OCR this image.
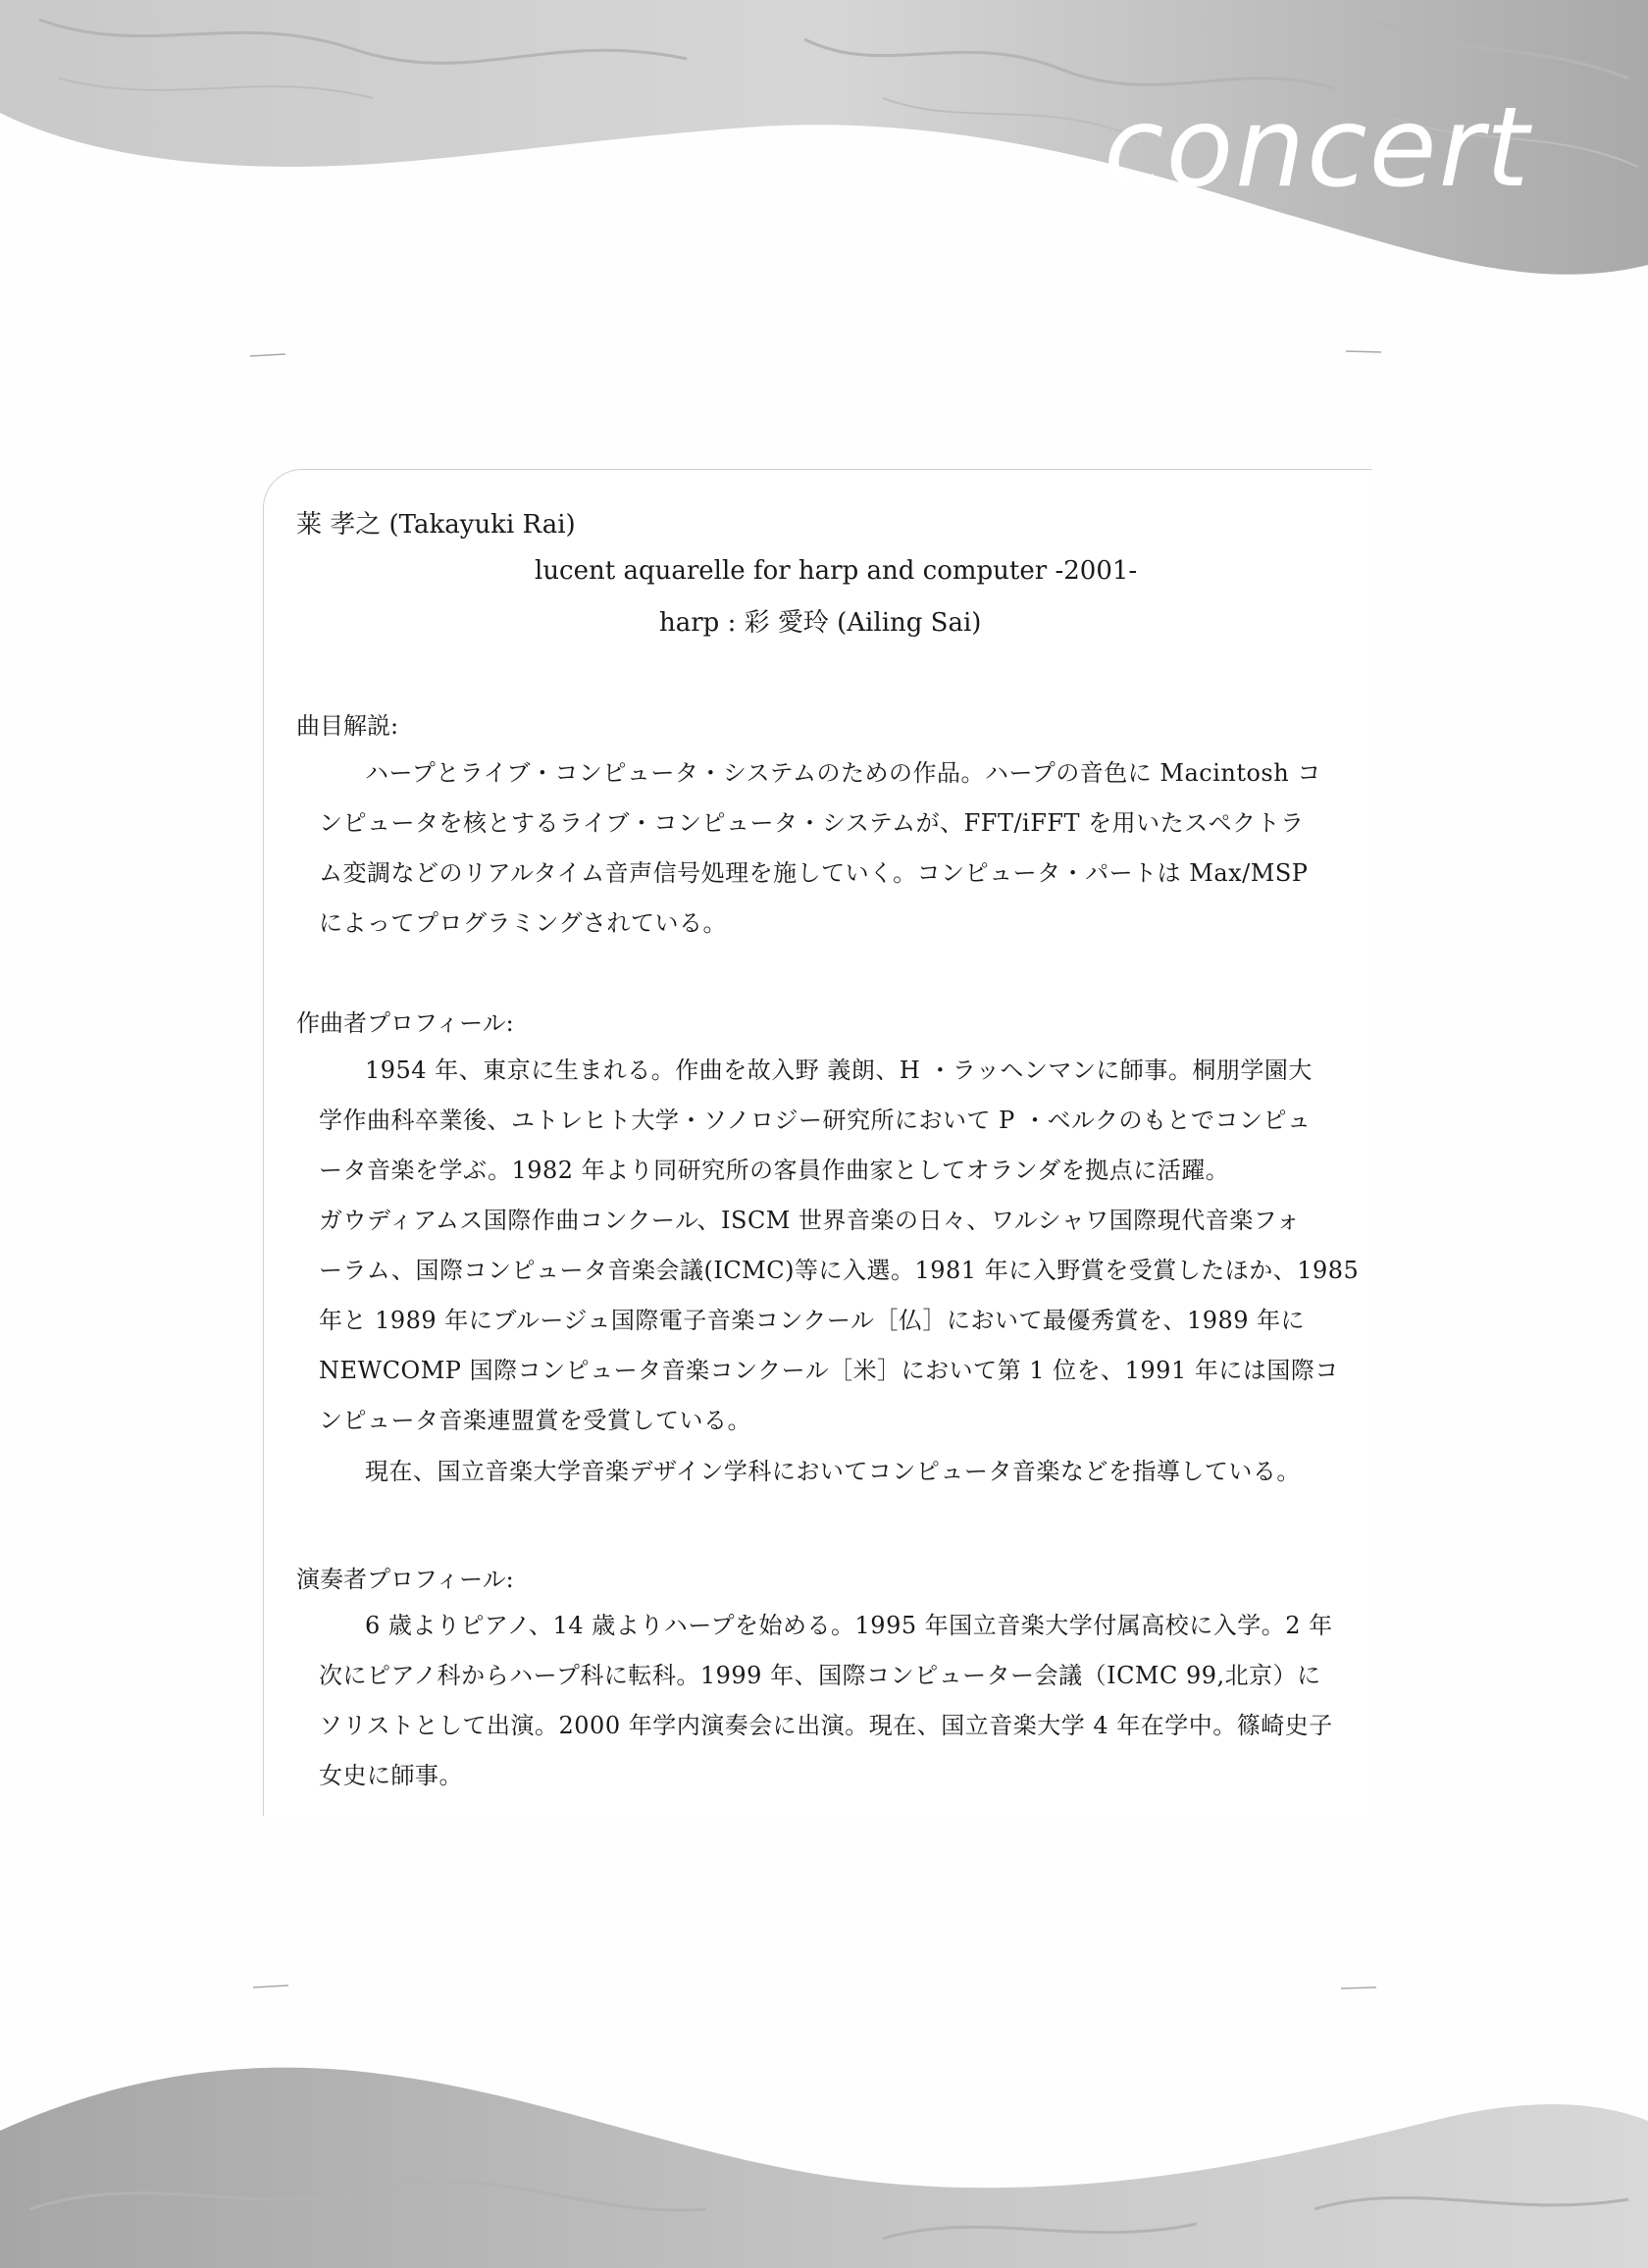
concert
莱 孝之 (Takayuki Rai)
lucent aquarelle for harp and computer -2001-
harp : 彩 愛玲 (Ailing Sai)
曲目解説:
ハープとライブ・コンピュータ・システムのための作品。ハープの音色に Macintosh コ
ンピュータを核とするライブ・コンピュータ・システムが、FFT/iFFT を用いたスペクトラ
ム変調などのリアルタイム音声信号処理を施していく。コンピュータ・パートは Max/MSP
によってプログラミングされている。
作曲者プロフィール:
1954 年、東京に生まれる。作曲を故入野 義朗、H ・ラッヘンマンに師事。桐朋学園大
学作曲科卒業後、ユトレヒト大学・ソノロジー研究所において P ・ベルクのもとでコンピュ
ータ音楽を学ぶ。1982 年より同研究所の客員作曲家としてオランダを拠点に活躍。
ガウディアムス国際作曲コンクール、ISCM 世界音楽の日々、ワルシャワ国際現代音楽フォ
ーラム、国際コンピュータ音楽会議(ICMC)等に入選。1981 年に入野賞を受賞したほか、1985
年と 1989 年にブルージュ国際電子音楽コンクール［仏］において最優秀賞を、1989 年に
NEWCOMP 国際コンピュータ音楽コンクール［米］において第 1 位を、1991 年には国際コ
ンピュータ音楽連盟賞を受賞している。
現在、国立音楽大学音楽デザイン学科においてコンピュータ音楽などを指導している。
演奏者プロフィール:
6 歳よりピアノ、14 歳よりハープを始める。1995 年国立音楽大学付属高校に入学。2 年
次にピアノ科からハープ科に転科。1999 年、国際コンピューター会議（ICMC 99,北京）に
ソリストとして出演。2000 年学内演奏会に出演。現在、国立音楽大学 4 年在学中。篠崎史子
女史に師事。
